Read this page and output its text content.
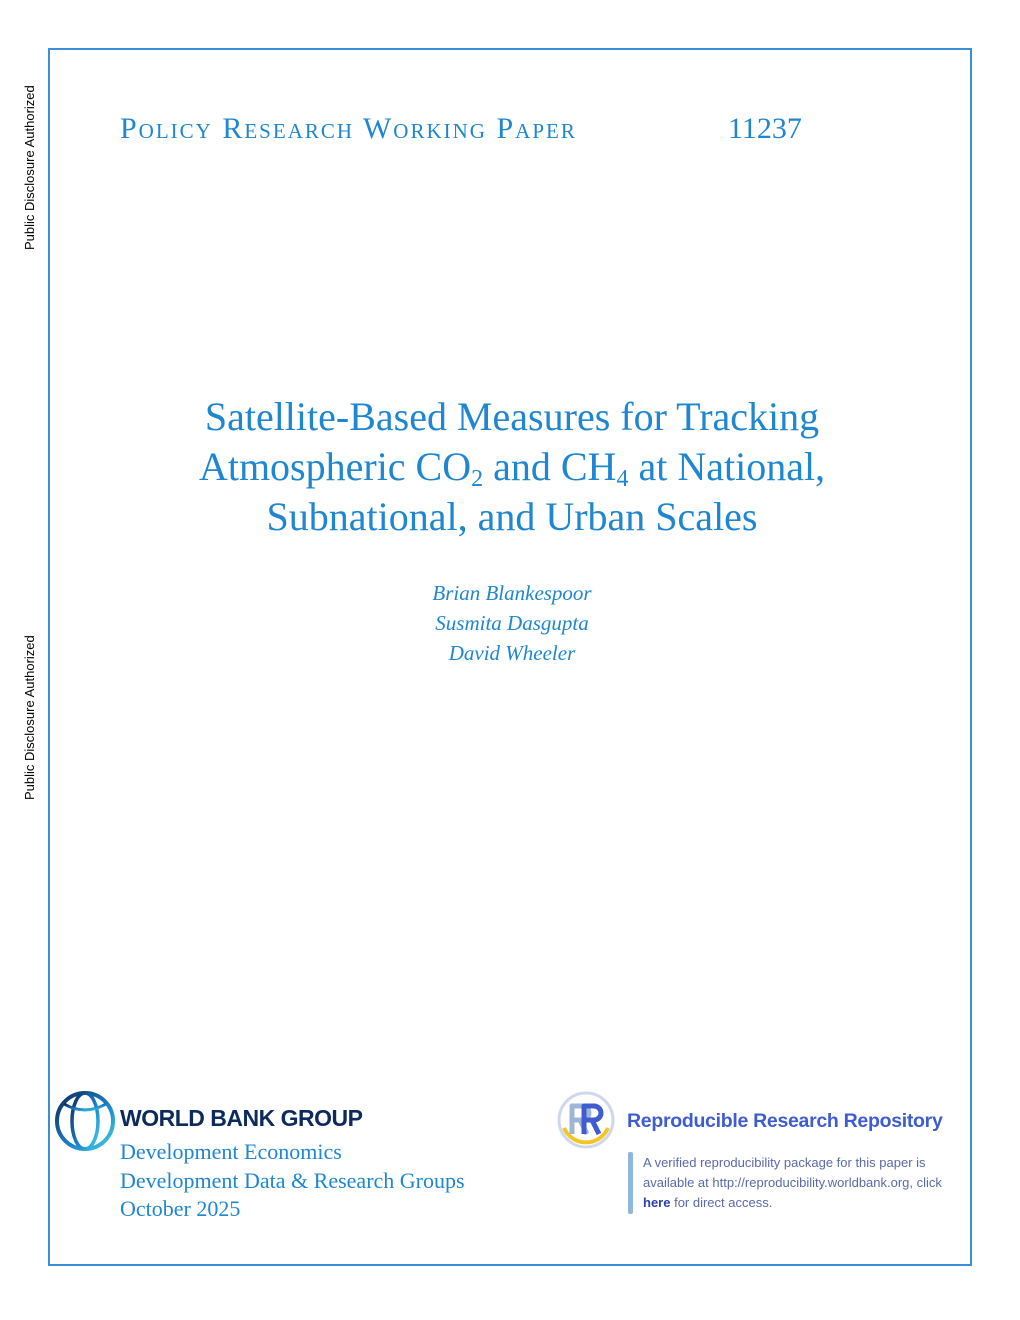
Public Disclosure Authorized
Public Disclosure Authorized
Policy Research Working Paper	11237
Satellite-Based Measures for Tracking
Atmospheric $CO_2$ and $CH_4$ at National,
Subnational, and Urban Scales
Brian Blankespoor
Susmita Dasgupta
David Wheeler
WORLD BANK GROUP
Development Economics
Development Data & Research Groups
October 2025
Reproducible Research Repository
A verified reproducibility package for this paper is available at http://reproducibility.worldbank.org, click here for direct access.
